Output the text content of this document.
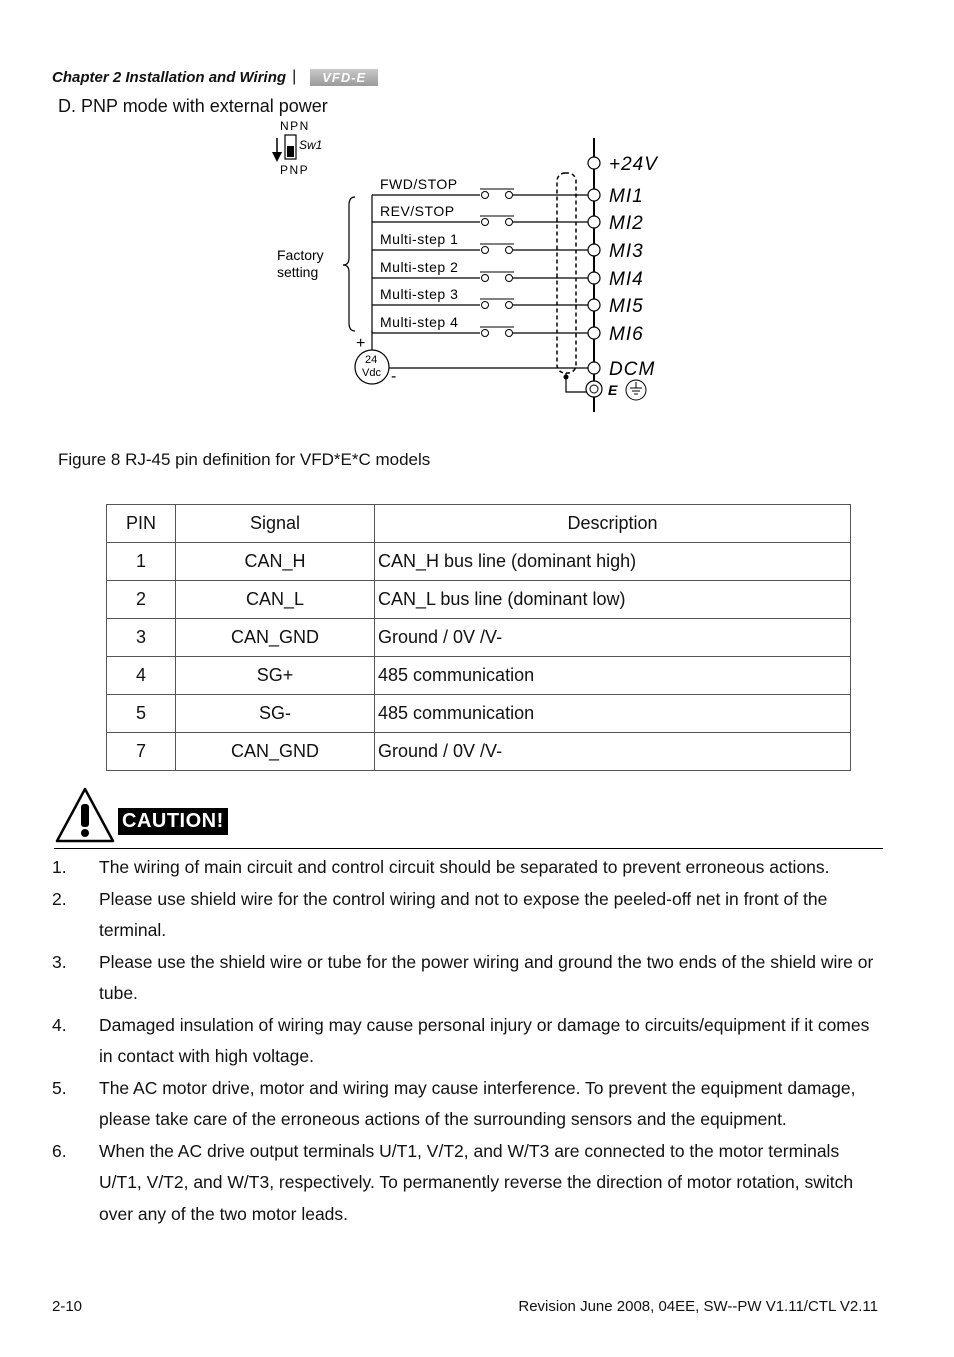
Chapter 2 Installation and Wiring |	VFD-E
D. PNP mode with external power
NPN
Sw1
PNP
Factory
setting
FWD/STOP
REV/STOP
Multi-step 1
Multi-step 2
Multi-step 3
Multi-step 4
+24V
MI1
MI2
MI3
MI4
MI5
MI6
DCM
E
+
24
Vdc -
Figure 8 RJ-45 pin definition for VFD*E*C models
PIN	Signal	Description
1	CAN_H	CAN_H bus line (dominant high)
2	CAN_L	CAN_L bus line (dominant low)
3	CAN_GND	Ground / 0V /V-
4	SG+	485 communication
5	SG-	485 communication
7	CAN_GND	Ground / 0V /V-
CAUTION!
1.	The wiring of main circuit and control circuit should be separated to prevent erroneous actions.
2.	Please use shield wire for the control wiring and not to expose the peeled-off net in front of the terminal.
3.	Please use the shield wire or tube for the power wiring and ground the two ends of the shield wire or tube.
4.	Damaged insulation of wiring may cause personal injury or damage to circuits/equipment if it comes in contact with high voltage.
5.	The AC motor drive, motor and wiring may cause interference. To prevent the equipment damage, please take care of the erroneous actions of the surrounding sensors and the equipment.
6.	When the AC drive output terminals U/T1, V/T2, and W/T3 are connected to the motor terminals U/T1, V/T2, and W/T3, respectively. To permanently reverse the direction of motor rotation, switch over any of the two motor leads.
2-10	Revision June 2008, 04EE, SW--PW V1.11/CTL V2.11
